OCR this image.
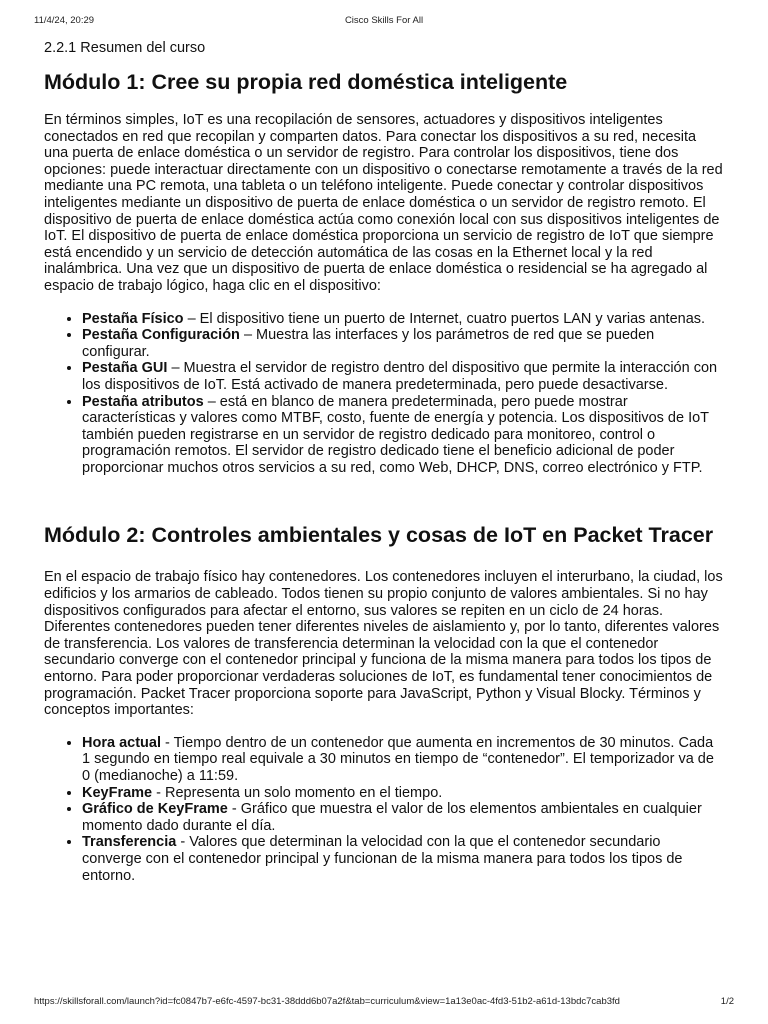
11/4/24, 20:29	Cisco Skills For All
2.2.1 Resumen del curso
Módulo 1: Cree su propia red doméstica inteligente

En términos simples, IoT es una recopilación de sensores, actuadores y dispositivos inteligentes conectados en red que recopilan y comparten datos. Para conectar los dispositivos a su red, necesita una puerta de enlace doméstica o un servidor de registro. Para controlar los dispositivos, tiene dos opciones: puede interactuar directamente con un dispositivo o conectarse remotamente a través de la red mediante una PC remota, una tableta o un teléfono inteligente. Puede conectar y controlar dispositivos inteligentes mediante un dispositivo de puerta de enlace doméstica o un servidor de registro remoto. El dispositivo de puerta de enlace doméstica actúa como conexión local con sus dispositivos inteligentes de IoT. El dispositivo de puerta de enlace doméstica proporciona un servicio de registro de IoT que siempre está encendido y un servicio de detección automática de las cosas en la Ethernet local y la red inalámbrica. Una vez que un dispositivo de puerta de enlace doméstica o residencial se ha agregado al espacio de trabajo lógico, haga clic en el dispositivo:

• Pestaña Físico – El dispositivo tiene un puerto de Internet, cuatro puertos LAN y varias antenas.
• Pestaña Configuración – Muestra las interfaces y los parámetros de red que se pueden configurar.
• Pestaña GUI – Muestra el servidor de registro dentro del dispositivo que permite la interacción con los dispositivos de IoT. Está activado de manera predeterminada, pero puede desactivarse.
• Pestaña atributos – está en blanco de manera predeterminada, pero puede mostrar características y valores como MTBF, costo, fuente de energía y potencia. Los dispositivos de IoT también pueden registrarse en un servidor de registro dedicado para monitoreo, control o programación remotos. El servidor de registro dedicado tiene el beneficio adicional de poder proporcionar muchos otros servicios a su red, como Web, DHCP, DNS, correo electrónico y FTP.
Módulo 2: Controles ambientales y cosas de IoT en Packet Tracer

En el espacio de trabajo físico hay contenedores. Los contenedores incluyen el interurbano, la ciudad, los edificios y los armarios de cableado. Todos tienen su propio conjunto de valores ambientales. Si no hay dispositivos configurados para afectar el entorno, sus valores se repiten en un ciclo de 24 horas. Diferentes contenedores pueden tener diferentes niveles de aislamiento y, por lo tanto, diferentes valores de transferencia. Los valores de transferencia determinan la velocidad con la que el contenedor secundario converge con el contenedor principal y funciona de la misma manera para todos los tipos de entorno. Para poder proporcionar verdaderas soluciones de IoT, es fundamental tener conocimientos de programación. Packet Tracer proporciona soporte para JavaScript, Python y Visual Blocky. Términos y conceptos importantes:

• Hora actual - Tiempo dentro de un contenedor que aumenta en incrementos de 30 minutos. Cada 1 segundo en tiempo real equivale a 30 minutos en tiempo de “contenedor”. El temporizador va de 0 (medianoche) a 11:59.
• KeyFrame - Representa un solo momento en el tiempo.
• Gráfico de KeyFrame - Gráfico que muestra el valor de los elementos ambientales en cualquier momento dado durante el día.
• Transferencia - Valores que determinan la velocidad con la que el contenedor secundario converge con el contenedor principal y funcionan de la misma manera para todos los tipos de entorno.
https://skillsforall.com/launch?id=fc0847b7-e6fc-4597-bc31-38ddd6b07a2f&tab=curriculum&view=1a13e0ac-4fd3-51b2-a61d-13bdc7cab3fd	1/2
